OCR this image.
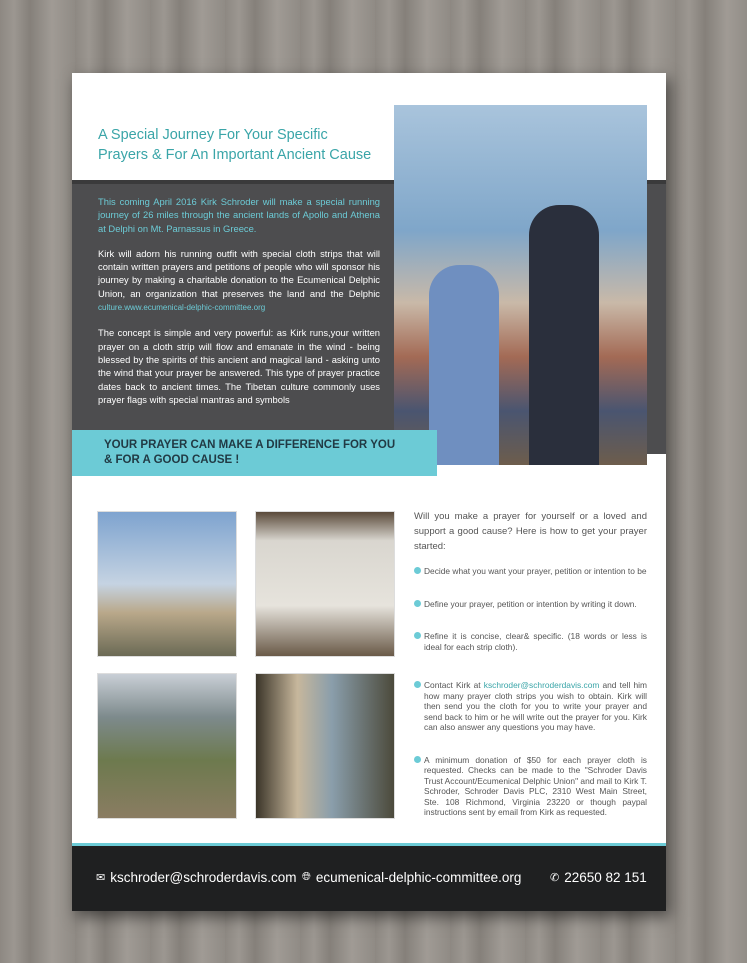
A Special Journey For Your Specific
Prayers & For An Important Ancient Cause

This coming April 2016 Kirk Schroder will make a special running journey of 26 miles through the ancient lands of Apollo and Athena at Delphi on Mt. Parnassus in Greece.

Kirk will adorn his running outfit with special cloth strips that will contain written prayers and petitions of people who will sponsor his journey by making a charitable donation to the Ecumenical Delphic Union, an organization that preserves the land and the Delphic culture.www.ecumenical-delphic-committee.org

The concept is simple and very powerful: as Kirk runs,your written prayer on a cloth strip will flow and emanate in the wind - being blessed by the spirits of this ancient and magical land - asking unto the wind that your prayer be answered. This type of prayer practice dates back to ancient times. The Tibetan culture commonly uses prayer flags with special mantras and symbols

YOUR PRAYER CAN MAKE A DIFFERENCE FOR YOU
& FOR A GOOD CAUSE !

Will you make a prayer for yourself or a loved and support a good cause? Here is how to get your prayer started:

Decide what you want your prayer, petition or intention to be
Define your prayer, petition or intention by writing it down.
Refine it is concise, clear& specific. (18 words or less is ideal for each strip cloth).
Contact Kirk at kschroder@schroderdavis.com and tell him how many prayer cloth strips you wish to obtain. Kirk will then send you the cloth for you to write your prayer and send back to him or he will write out the prayer for you. Kirk can also answer any questions you may have.
A minimum donation of $50 for each prayer cloth is requested. Checks can be made to the "Schroder Davis Trust Account/Ecumenical Delphic Union" and mail to Kirk T. Schroder, Schroder Davis PLC, 2310 West Main Street, Ste. 108 Richmond, Virginia 23220 or though paypal instructions sent by email from Kirk as requested.
✉ kschroder@schroderdavis.com 🌐︎ ecumenical-delphic-committee.org	✆ 22650 82 151
